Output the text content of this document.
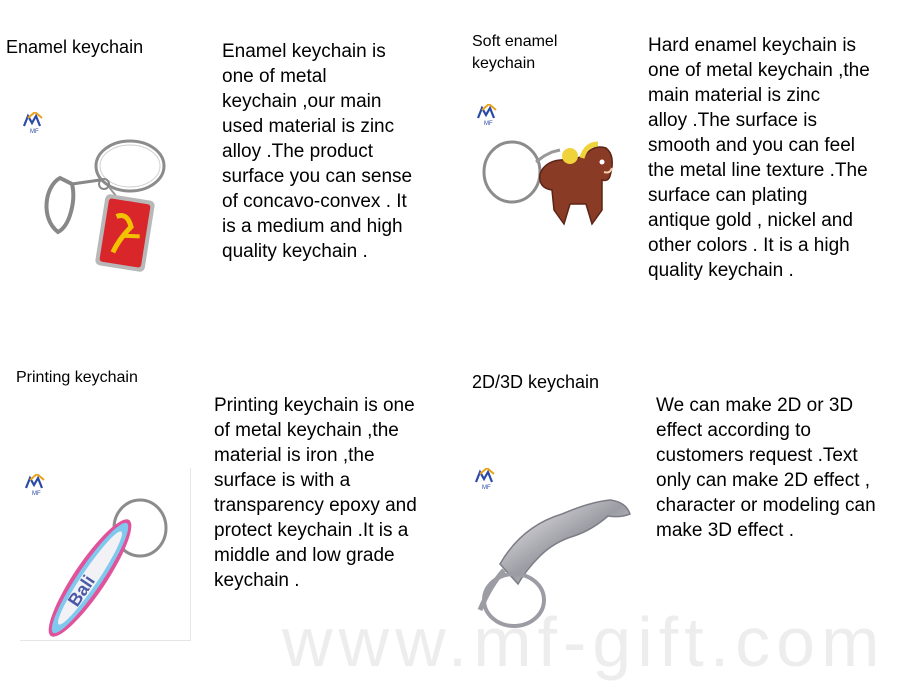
Enamel keychain
MF
Enamel keychain is
one of metal
keychain ,our main
used material is zinc
alloy .The product
surface you can sense
of concavo-convex . It
is a medium and high
quality keychain .
Soft enamel
keychain
MF
Hard enamel keychain is
one of metal keychain ,the
main material is zinc
alloy .The surface is
smooth and you can feel
the metal line texture .The
surface can plating
antique gold , nickel and
other colors . It is a high
quality keychain .
Printing keychain
MF
Bali
Printing keychain is one
of metal keychain ,the
material is iron ,the
surface is with a
transparency epoxy and
protect keychain .It is a
middle and low grade
keychain .
2D/3D keychain
MF
We can make 2D or 3D
effect according to
customers request .Text
only can make 2D effect ,
character or modeling can
make 3D effect .
www.mf-gift.com
